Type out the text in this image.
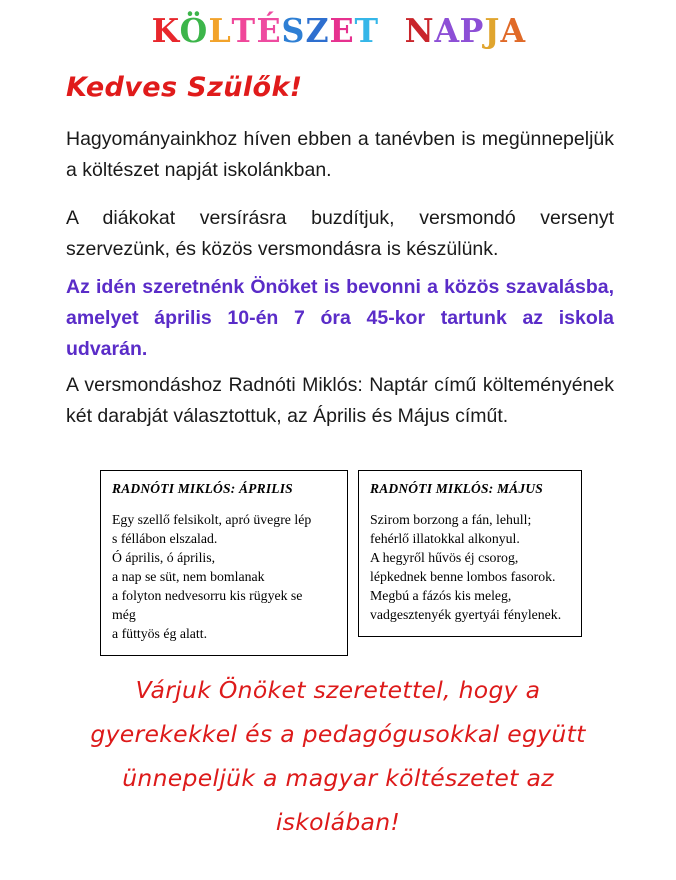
KÖLTÉSZET NAPJA
Kedves Szülők!

Hagyományainkhoz híven ebben a tanévben is megünnepeljük a költészet napját iskolánkban.

A diákokat versírásra buzdítjuk, versmondó versenyt szervezünk, és közös versmondásra is készülünk.

Az idén szeretnénk Önöket is bevonni a közös szavalásba, amelyet április 10-én 7 óra 45-kor tartunk az iskola udvarán.

A versmondáshoz Radnóti Miklós: Naptár című költeményének két darabját választottuk, az Április és Május címűt.

RADNÓTI MIKLÓS: ÁPRILIS
Egy szellő felsikolt, apró üvegre lép
s féllábon elszalad.
Ó április, ó április,
a nap se süt, nem bomlanak
a folyton nedvesorru kis rügyek se
még
a füttyös ég alatt.
RADNÓTI MIKLÓS: MÁJUS
Szirom borzong a fán, lehull;
fehérlő illatokkal alkonyul.
A hegyről hűvös éj csorog,
lépkednek benne lombos fasorok.
Megbú a fázós kis meleg,
vadgesztenyék gyertyái fénylenek.
Várjuk Önöket szeretettel, hogy a
gyerekekkel és a pedagógusokkal együtt
ünnepeljük a magyar költészetet az
iskolában!
